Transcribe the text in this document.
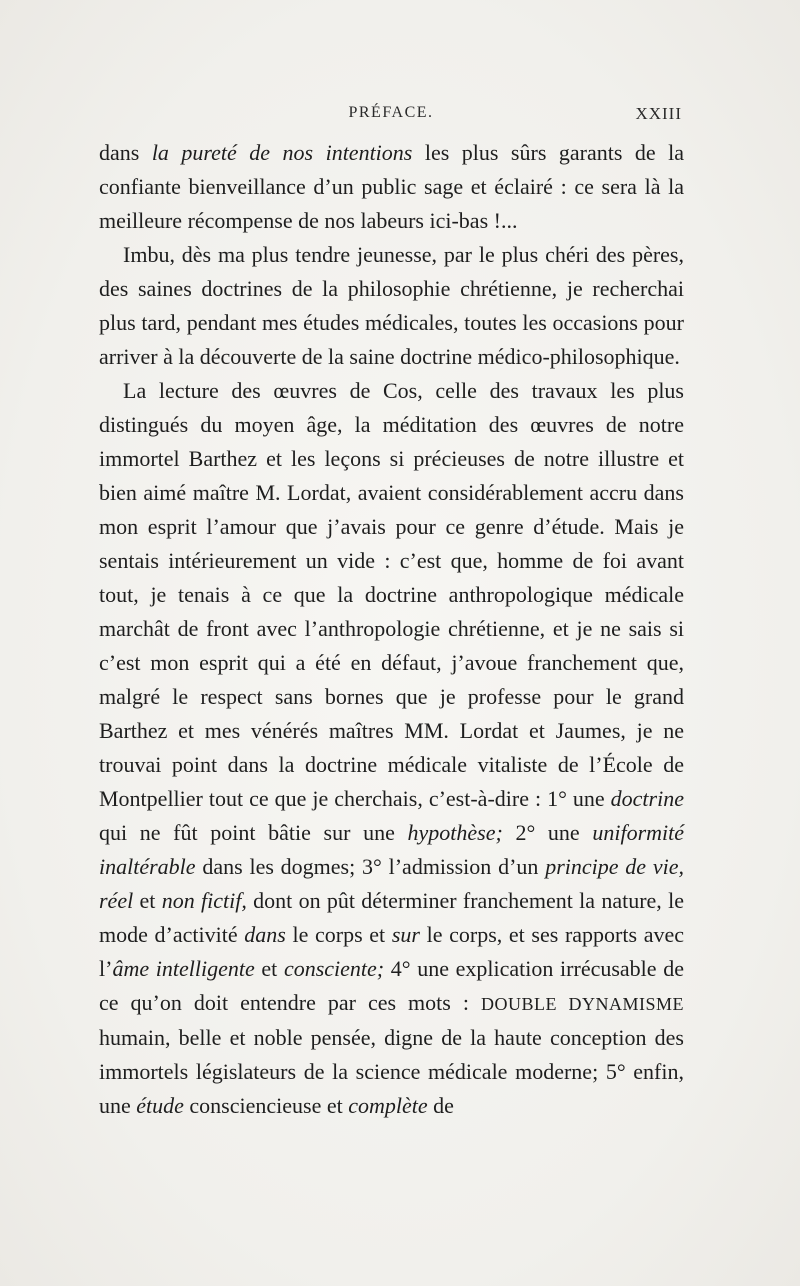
PRÉFACE.	XXIII

dans la pureté de nos intentions les plus sûrs garants de la confiante bienveillance d’un public sage et éclairé : ce sera là la meilleure récompense de nos labeurs ici-bas !...

Imbu, dès ma plus tendre jeunesse, par le plus chéri des pères, des saines doctrines de la philosophie chrétienne, je recherchai plus tard, pendant mes études médicales, toutes les occasions pour arriver à la découverte de la saine doctrine médico-philosophique.

La lecture des œuvres de Cos, celle des travaux les plus distingués du moyen âge, la méditation des œuvres de notre immortel Barthez et les leçons si précieuses de notre illustre et bien aimé maître M. Lordat, avaient considérablement accru dans mon esprit l’amour que j’avais pour ce genre d’étude. Mais je sentais intérieurement un vide : c’est que, homme de foi avant tout, je tenais à ce que la doctrine anthropologique médicale marchât de front avec l’anthropologie chrétienne, et je ne sais si c’est mon esprit qui a été en défaut, j’avoue franchement que, malgré le respect sans bornes que je professe pour le grand Barthez et mes vénérés maîtres MM. Lordat et Jaumes, je ne trouvai point dans la doctrine médicale vitaliste de l’École de Montpellier tout ce que je cherchais, c’est-à-dire : 1° une doctrine qui ne fût point bâtie sur une hypothèse; 2° une uniformité inaltérable dans les dogmes; 3° l’admission d’un principe de vie, réel et non fictif, dont on pût déterminer franchement la nature, le mode d’activité dans le corps et sur le corps, et ses rapports avec l’âme intelligente et consciente; 4° une explication irrécusable de ce qu’on doit entendre par ces mots : DOUBLE DYNAMISME humain, belle et noble pensée, digne de la haute conception des immortels législateurs de la science médicale moderne; 5° enfin, une étude consciencieuse et complète de
